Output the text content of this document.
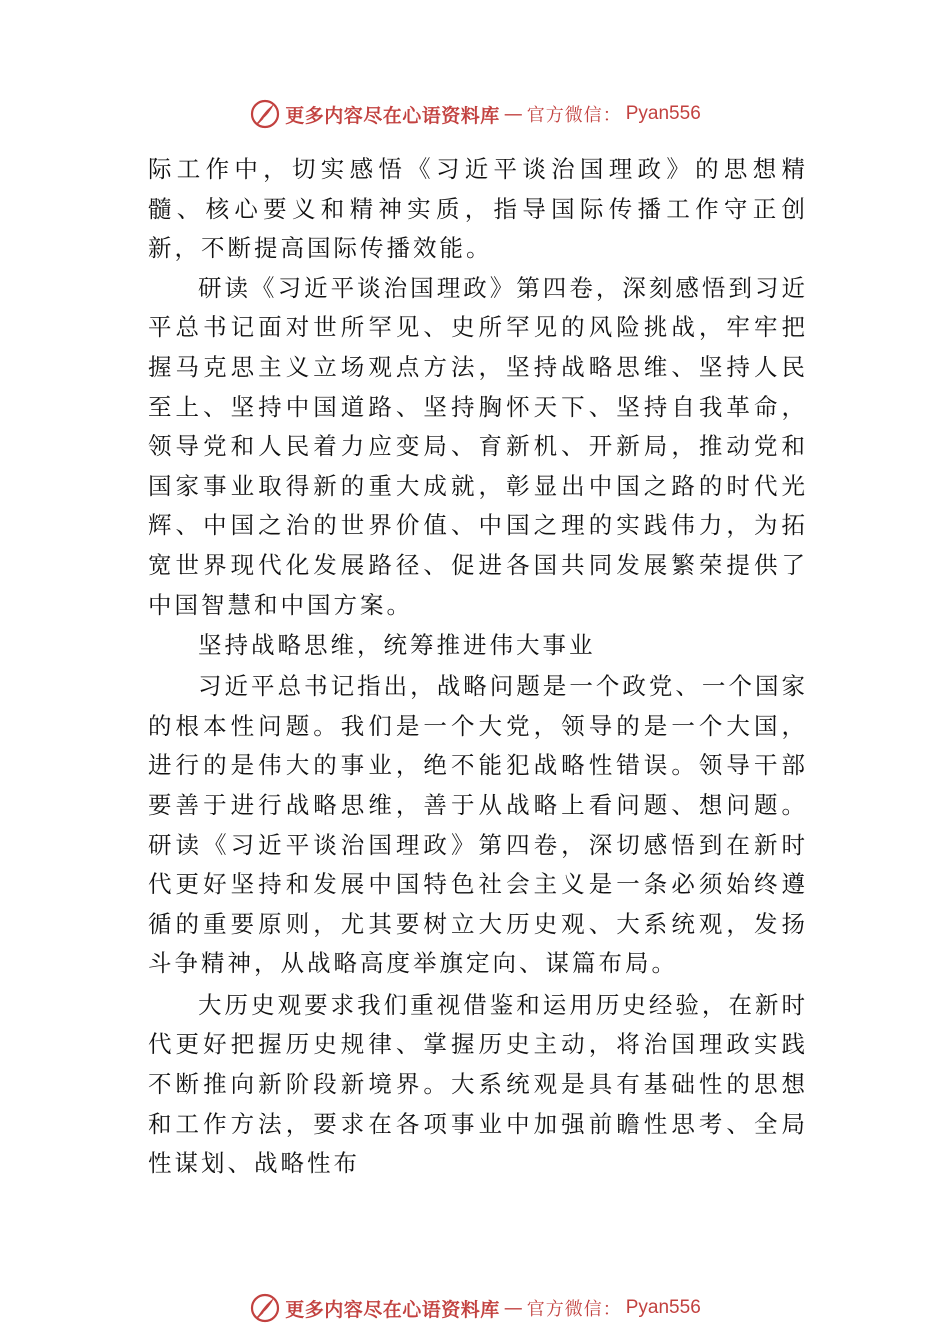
更多内容尽在心语资料库 — 官方微信： Pyan556

际工作中，切实感悟《习近平谈治国理政》的思想精髓、核心要义和精神实质，指导国际传播工作守正创新，不断提高国际传播效能。

研读《习近平谈治国理政》第四卷，深刻感悟到习近平总书记面对世所罕见、史所罕见的风险挑战，牢牢把握马克思主义立场观点方法，坚持战略思维、坚持人民至上、坚持中国道路、坚持胸怀天下、坚持自我革命，领导党和人民着力应变局、育新机、开新局，推动党和国家事业取得新的重大成就，彰显出中国之路的时代光辉、中国之治的世界价值、中国之理的实践伟力，为拓宽世界现代化发展路径、促进各国共同发展繁荣提供了中国智慧和中国方案。

坚持战略思维，统筹推进伟大事业

习近平总书记指出，战略问题是一个政党、一个国家的根本性问题。我们是一个大党，领导的是一个大国，进行的是伟大的事业，绝不能犯战略性错误。领导干部要善于进行战略思维，善于从战略上看问题、想问题。研读《习近平谈治国理政》第四卷，深切感悟到在新时代更好坚持和发展中国特色社会主义是一条必须始终遵循的重要原则，尤其要树立大历史观、大系统观，发扬斗争精神，从战略高度举旗定向、谋篇布局。

大历史观要求我们重视借鉴和运用历史经验，在新时代更好把握历史规律、掌握历史主动，将治国理政实践不断推向新阶段新境界。大系统观是具有基础性的思想和工作方法，要求在各项事业中加强前瞻性思考、全局性谋划、战略性布

更多内容尽在心语资料库 — 官方微信： Pyan556
